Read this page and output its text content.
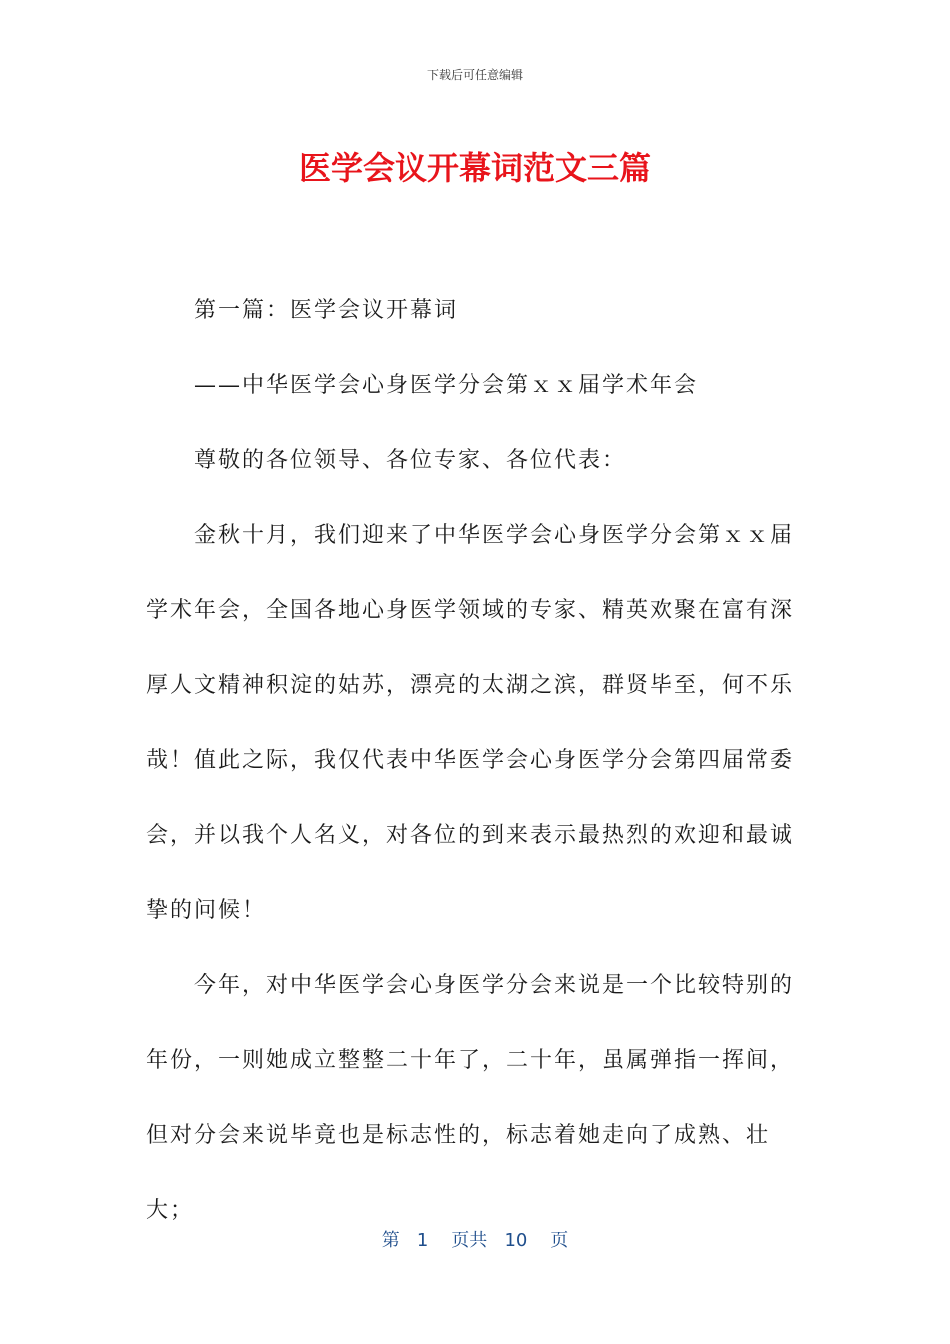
下载后可任意编辑
医学会议开幕词范文三篇

第一篇：医学会议开幕词

——中华医学会心身医学分会第ｘｘ届学术年会

尊敬的各位领导、各位专家、各位代表：

金秋十月，我们迎来了中华医学会心身医学分会第ｘｘ届学术年会，全国各地心身医学领域的专家、精英欢聚在富有深厚人文精神积淀的姑苏，漂亮的太湖之滨，群贤毕至，何不乐哉！值此之际，我仅代表中华医学会心身医学分会第四届常委会，并以我个人名义，对各位的到来表示最热烈的欢迎和最诚挚的问候！

今年，对中华医学会心身医学分会来说是一个比较特别的年份，一则她成立整整二十年了，二十年，虽属弹指一挥间，但对分会来说毕竟也是标志性的，标志着她走向了成熟、壮大；

第 1 页共 10 页
